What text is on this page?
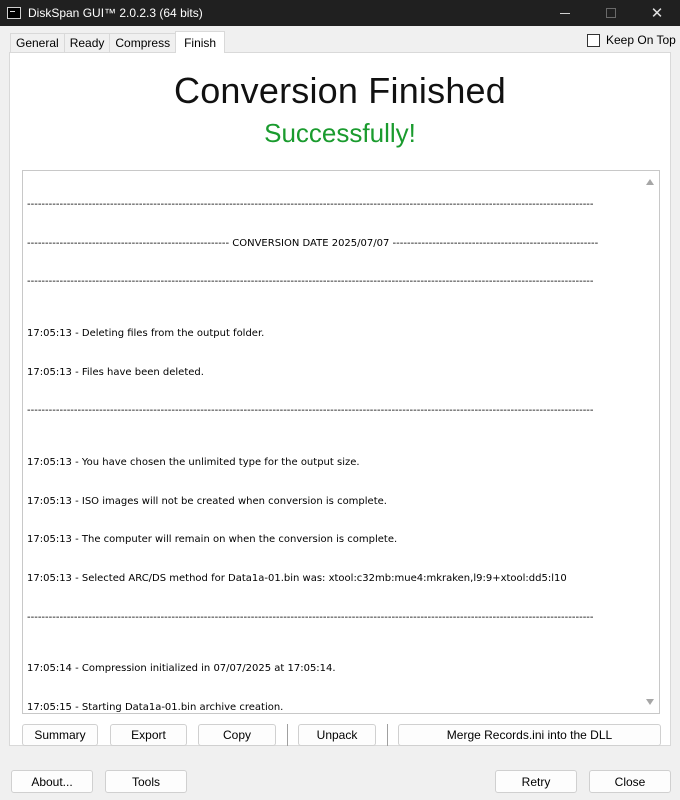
DiskSpan GUI™ 2.0.2.3 (64 bits)	✕
General Ready Compress	Finish	Keep On Top
Conversion Finished
Successfully!

-------------------------------------------------------------------------------------------------------------------------------------------------------------

-------------------------------------------------------- CONVERSION DATE 2025/07/07 ---------------------------------------------------------

-------------------------------------------------------------------------------------------------------------------------------------------------------------

17:05:13 - Deleting files from the output folder.

17:05:13 - Files have been deleted.

-------------------------------------------------------------------------------------------------------------------------------------------------------------

17:05:13 - You have chosen the unlimited type for the output size.

17:05:13 - ISO images will not be created when conversion is complete.

17:05:13 - The computer will remain on when the conversion is complete.

17:05:13 - Selected ARC/DS method for Data1a-01.bin was: xtool:c32mb:mue4:mkraken,l9:9+xtool:dd5:l10

-------------------------------------------------------------------------------------------------------------------------------------------------------------

17:05:14 - Compression initialized in 07/07/2025 at 17:05:14.

17:05:15 - Starting Data1a-01.bin archive creation.

Summary	Export	Copy	Unpack	Merge Records.ini into the DLL
About...	Tools	Retry	Close
